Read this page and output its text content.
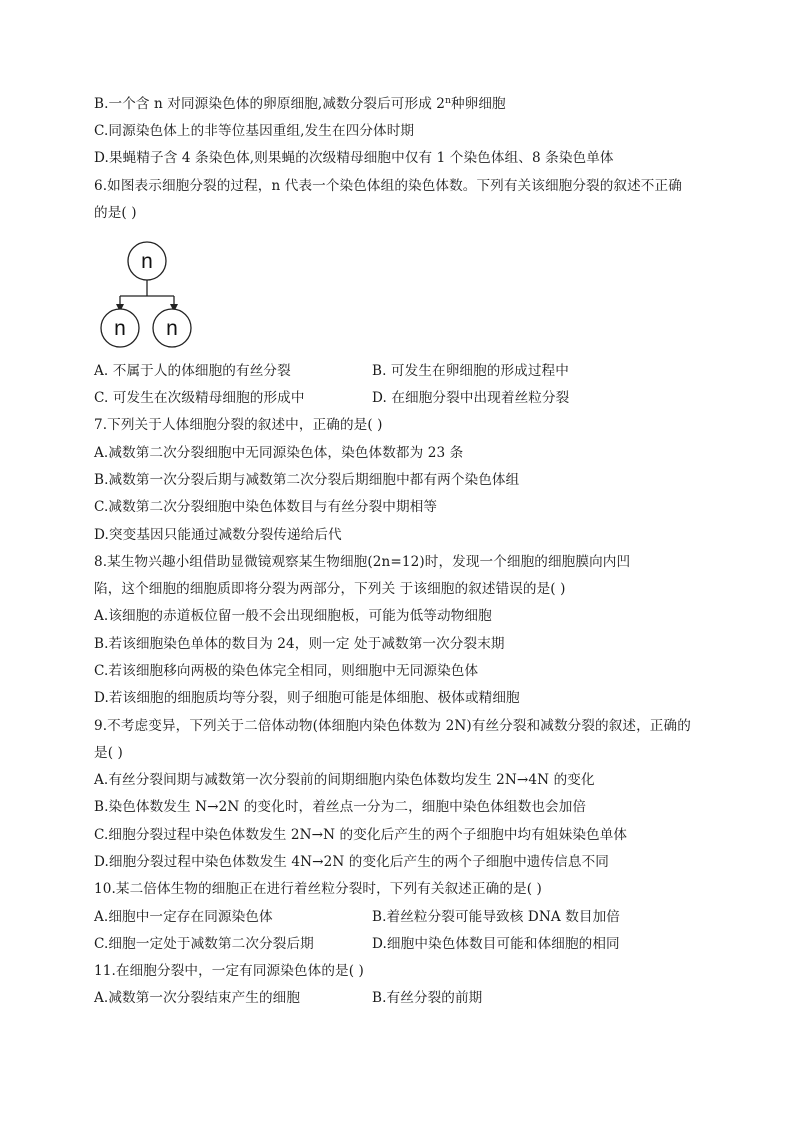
B.一个含 n 对同源染色体的卵原细胞,减数分裂后可形成 2$^n$种卵细胞
C.同源染色体上的非等位基因重组,发生在四分体时期
D.果蝇精子含 4 条染色体,则果蝇的次级精母细胞中仅有 1 个染色体组、8 条染色单体
6.如图表示细胞分裂的过程，n 代表一个染色体组的染色体数。下列有关该细胞分裂的叙述不正确
的是( )
n
n n
A. 不属于人的体细胞的有丝分裂	B. 可发生在卵细胞的形成过程中
C. 可发生在次级精母细胞的形成中	D. 在细胞分裂中出现着丝粒分裂
7.下列关于人体细胞分裂的叙述中，正确的是( )
A.减数第二次分裂细胞中无同源染色体，染色体数都为 23 条
B.减数第一次分裂后期与减数第二次分裂后期细胞中都有两个染色体组
C.减数第二次分裂细胞中染色体数目与有丝分裂中期相等
D.突变基因只能通过减数分裂传递给后代
8.某生物兴趣小组借助显微镜观察某生物细胞(2n=12)时，发现一个细胞的细胞膜向内凹
陷，这个细胞的细胞质即将分裂为两部分，下列关 于该细胞的叙述错误的是( )
A.该细胞的赤道板位留一般不会出现细胞板，可能为低等动物细胞
B.若该细胞染色单体的数目为 24，则一定 处于减数第一次分裂末期
C.若该细胞移向两极的染色体完全相同，则细胞中无同源染色体
D.若该细胞的细胞质均等分裂，则子细胞可能是体细胞、极体或精细胞
9.不考虑变异，下列关于二倍体动物(体细胞内染色体数为 2N)有丝分裂和减数分裂的叙述，正确的
是( )
A.有丝分裂间期与减数第一次分裂前的间期细胞内染色体数均发生 2N→4N 的变化
B.染色体数发生 N→2N 的变化时，着丝点一分为二，细胞中染色体组数也会加倍
C.细胞分裂过程中染色体数发生 2N→N 的变化后产生的两个子细胞中均有姐妹染色单体
D.细胞分裂过程中染色体数发生 4N→2N 的变化后产生的两个子细胞中遗传信息不同
10.某二倍体生物的细胞正在进行着丝粒分裂时，下列有关叙述正确的是( )
A.细胞中一定存在同源染色体	B.着丝粒分裂可能导致核 DNA 数目加倍
C.细胞一定处于减数第二次分裂后期	D.细胞中染色体数目可能和体细胞的相同
11.在细胞分裂中，一定有同源染色体的是( )
A.减数第一次分裂结束产生的细胞	B.有丝分裂的前期
